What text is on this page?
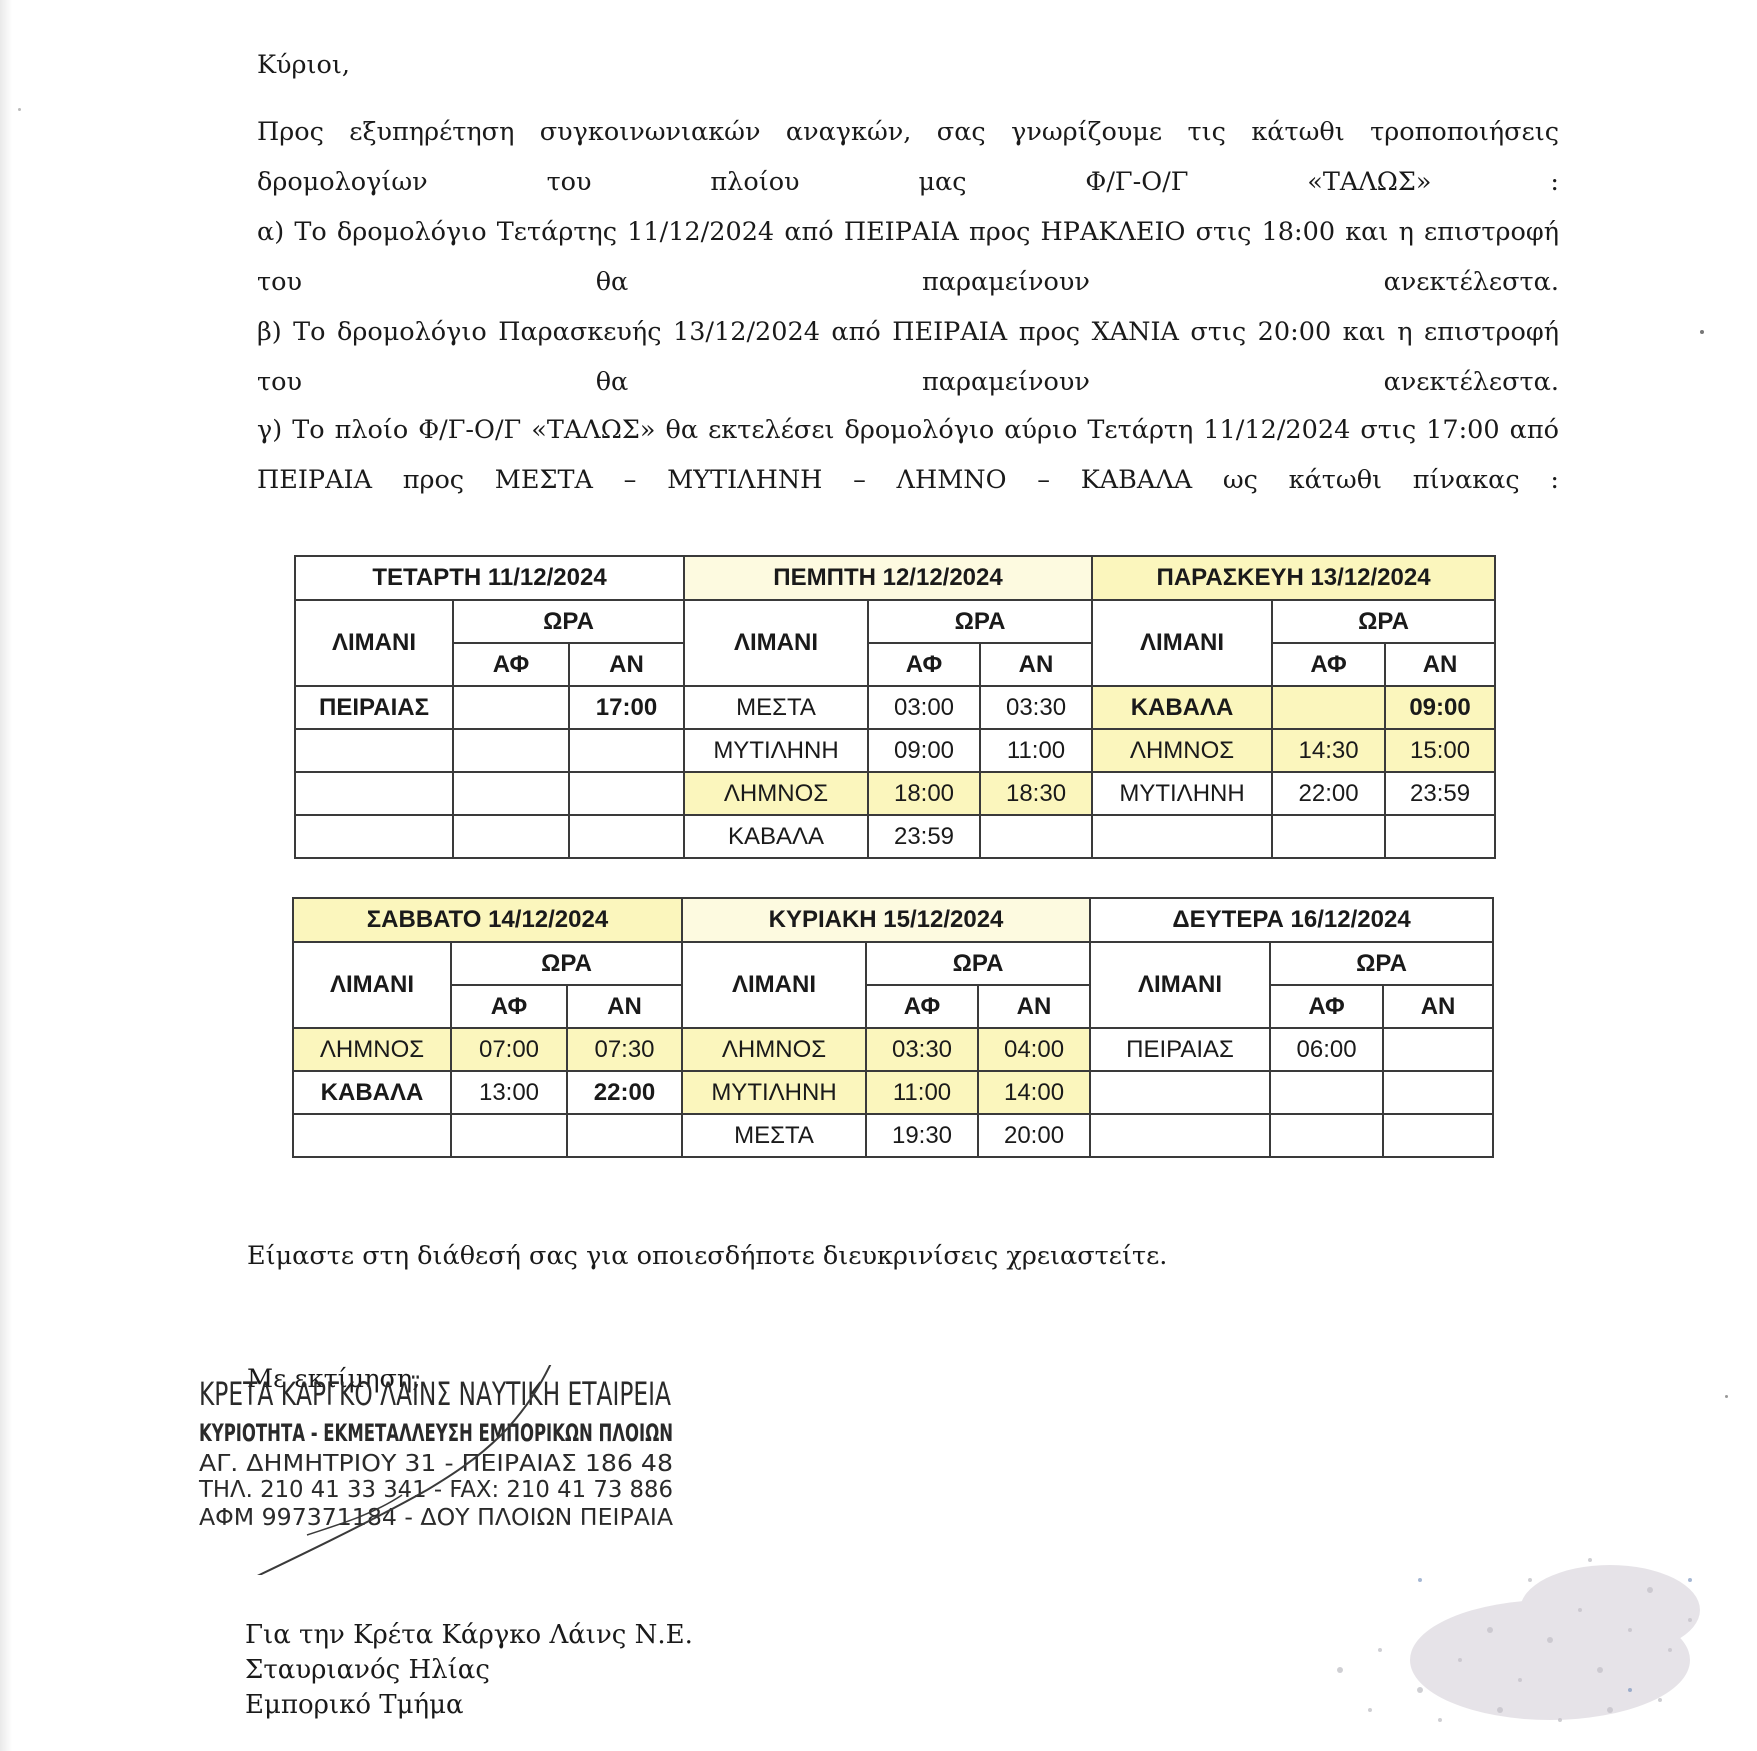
Κύριοι,
Προς εξυπηρέτηση συγκοινωνιακών αναγκών, σας γνωρίζουμε τις κάτωθι τροποποιήσεις δρομολογίων του πλοίου μας Φ/Γ-Ο/Γ «ΤΑΛΩΣ» :
α) Το δρομολόγιο Τετάρτης 11/12/2024 από ΠΕΙΡΑΙΑ προς ΗΡΑΚΛΕΙΟ στις 18:00 και η επιστροφή του θα παραμείνουν ανεκτέλεστα.
β) Το δρομολόγιο Παρασκευής 13/12/2024 από ΠΕΙΡΑΙΑ προς ΧΑΝΙΑ στις 20:00 και η επιστροφή του θα παραμείνουν ανεκτέλεστα.
γ) Το πλοίο Φ/Γ-Ο/Γ «ΤΑΛΩΣ» θα εκτελέσει δρομολόγιο αύριο Τετάρτη 11/12/2024 στις 17:00 από ΠΕΙΡΑΙΑ προς ΜΕΣΤΑ – ΜΥΤΙΛΗΝΗ – ΛΗΜΝΟ – ΚΑΒΑΛΑ ως κάτωθι πίνακας :
ΤΕΤΑΡΤΗ 11/12/2024			ΠΕΜΠΤΗ 12/12/2024			ΠΑΡΑΣΚΕΥΗ 13/12/2024		
ΛΙΜΑΝΙ	ΩΡΑ		ΛΙΜΑΝΙ	ΩΡΑ		ΛΙΜΑΝΙ	ΩΡΑ	
	ΑΦ	ΑΝ		ΑΦ	ΑΝ		ΑΦ	ΑΝ
ΠΕΙΡΑΙΑΣ		17:00	ΜΕΣΤΑ	03:00	03:30	ΚΑΒΑΛΑ		09:00
			ΜΥΤΙΛΗΝΗ	09:00	11:00	ΛΗΜΝΟΣ	14:30	15:00
			ΛΗΜΝΟΣ	18:00	18:30	ΜΥΤΙΛΗΝΗ	22:00	23:59
			ΚΑΒΑΛΑ	23:59				
ΣΑΒΒΑΤΟ 14/12/2024			ΚΥΡΙΑΚΗ 15/12/2024			ΔΕΥΤΕΡΑ 16/12/2024		
ΛΙΜΑΝΙ	ΩΡΑ		ΛΙΜΑΝΙ	ΩΡΑ		ΛΙΜΑΝΙ	ΩΡΑ	
	ΑΦ	ΑΝ		ΑΦ	ΑΝ		ΑΦ	ΑΝ
ΛΗΜΝΟΣ	07:00	07:30	ΛΗΜΝΟΣ	03:30	04:00	ΠΕΙΡΑΙΑΣ	06:00	
ΚΑΒΑΛΑ	13:00	22:00	ΜΥΤΙΛΗΝΗ	11:00	14:00			
			ΜΕΣΤΑ	19:30	20:00			
Είμαστε στη διάθεσή σας για οποιεσδήποτε διευκρινίσεις χρειαστείτε.
Με εκτίμηση,
ΚΡΕΤΑ ΚΑΡΓΚΟ ΛΑΪΝΣ ΝΑΥΤΙΚΗ ΕΤΑΙΡΕΙΑ
ΚΥΡΙΟΤΗΤΑ - ΕΚΜΕΤΑΛΛΕΥΣΗ ΕΜΠΟΡΙΚΩΝ ΠΛΟΙΩΝ
ΑΓ. ΔΗΜΗΤΡΙΟΥ 31 - ΠΕΙΡΑΙΑΣ 186 48
ΤΗΛ. 210 41 33 341 - FAX: 210 41 73 886
ΑΦΜ 997371184 - ΔΟΥ ΠΛΟΙΩΝ ΠΕΙΡΑΙΑ
Για την Κρέτα Κάργκο Λάινς Ν.Ε.
Σταυριανός Ηλίας
Εμπορικό Τμήμα
